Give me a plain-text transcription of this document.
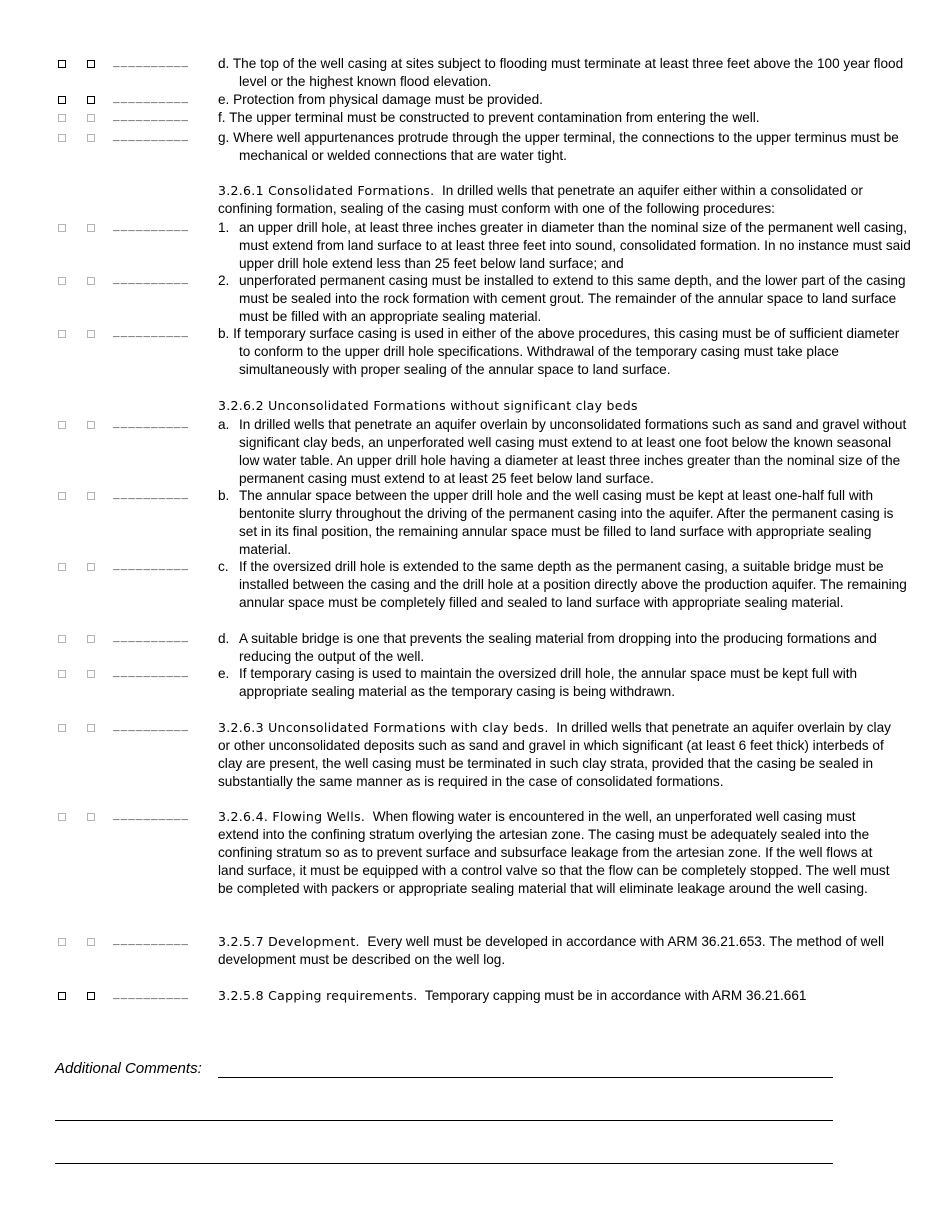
__________ d. The top of the well casing at sites subject to flooding must terminate at least three feet above the 100 year flood level or the highest known flood elevation.
__________ e. Protection from physical damage must be provided.
__________ f. The upper terminal must be constructed to prevent contamination from entering the well.
__________ g. Where well appurtenances protrude through the upper terminal, the connections to the upper terminus must be mechanical or welded connections that are water tight.
3.2.6.1 Consolidated Formations. In drilled wells that penetrate an aquifer either within a consolidated or confining formation, sealing of the casing must conform with one of the following procedures:
__________ 1. an upper drill hole, at least three inches greater in diameter than the nominal size of the permanent well casing, must extend from land surface to at least three feet into sound, consolidated formation. In no instance must said upper drill hole extend less than 25 feet below land surface; and
__________ 2. unperforated permanent casing must be installed to extend to this same depth, and the lower part of the casing must be sealed into the rock formation with cement grout. The remainder of the annular space to land surface must be filled with an appropriate sealing material.
__________ b. If temporary surface casing is used in either of the above procedures, this casing must be of sufficient diameter to conform to the upper drill hole specifications. Withdrawal of the temporary casing must take place simultaneously with proper sealing of the annular space to land surface.
3.2.6.2 Unconsolidated Formations without significant clay beds
__________ a. In drilled wells that penetrate an aquifer overlain by unconsolidated formations such as sand and gravel without significant clay beds, an unperforated well casing must extend to at least one foot below the known seasonal low water table. An upper drill hole having a diameter at least three inches greater than the nominal size of the permanent casing must extend to at least 25 feet below land surface.
__________ b. The annular space between the upper drill hole and the well casing must be kept at least one-half full with bentonite slurry throughout the driving of the permanent casing into the aquifer. After the permanent casing is set in its final position, the remaining annular space must be filled to land surface with appropriate sealing material.
__________ c. If the oversized drill hole is extended to the same depth as the permanent casing, a suitable bridge must be installed between the casing and the drill hole at a position directly above the production aquifer. The remaining annular space must be completely filled and sealed to land surface with appropriate sealing material.
__________ d. A suitable bridge is one that prevents the sealing material from dropping into the producing formations and reducing the output of the well.
__________ e. If temporary casing is used to maintain the oversized drill hole, the annular space must be kept full with appropriate sealing material as the temporary casing is being withdrawn.
__________ 3.2.6.3 Unconsolidated Formations with clay beds. In drilled wells that penetrate an aquifer overlain by clay or other unconsolidated deposits such as sand and gravel in which significant (at least 6 feet thick) interbeds of clay are present, the well casing must be terminated in such clay strata, provided that the casing be sealed in substantially the same manner as is required in the case of consolidated formations.
__________ 3.2.6.4. Flowing Wells. When flowing water is encountered in the well, an unperforated well casing must extend into the confining stratum overlying the artesian zone. The casing must be adequately sealed into the confining stratum so as to prevent surface and subsurface leakage from the artesian zone. If the well flows at land surface, it must be equipped with a control valve so that the flow can be completely stopped. The well must be completed with packers or appropriate sealing material that will eliminate leakage around the well casing.
__________ 3.2.5.7 Development. Every well must be developed in accordance with ARM 36.21.653. The method of well development must be described on the well log.
__________ 3.2.5.8 Capping requirements. Temporary capping must be in accordance with ARM 36.21.661
Additional Comments:
